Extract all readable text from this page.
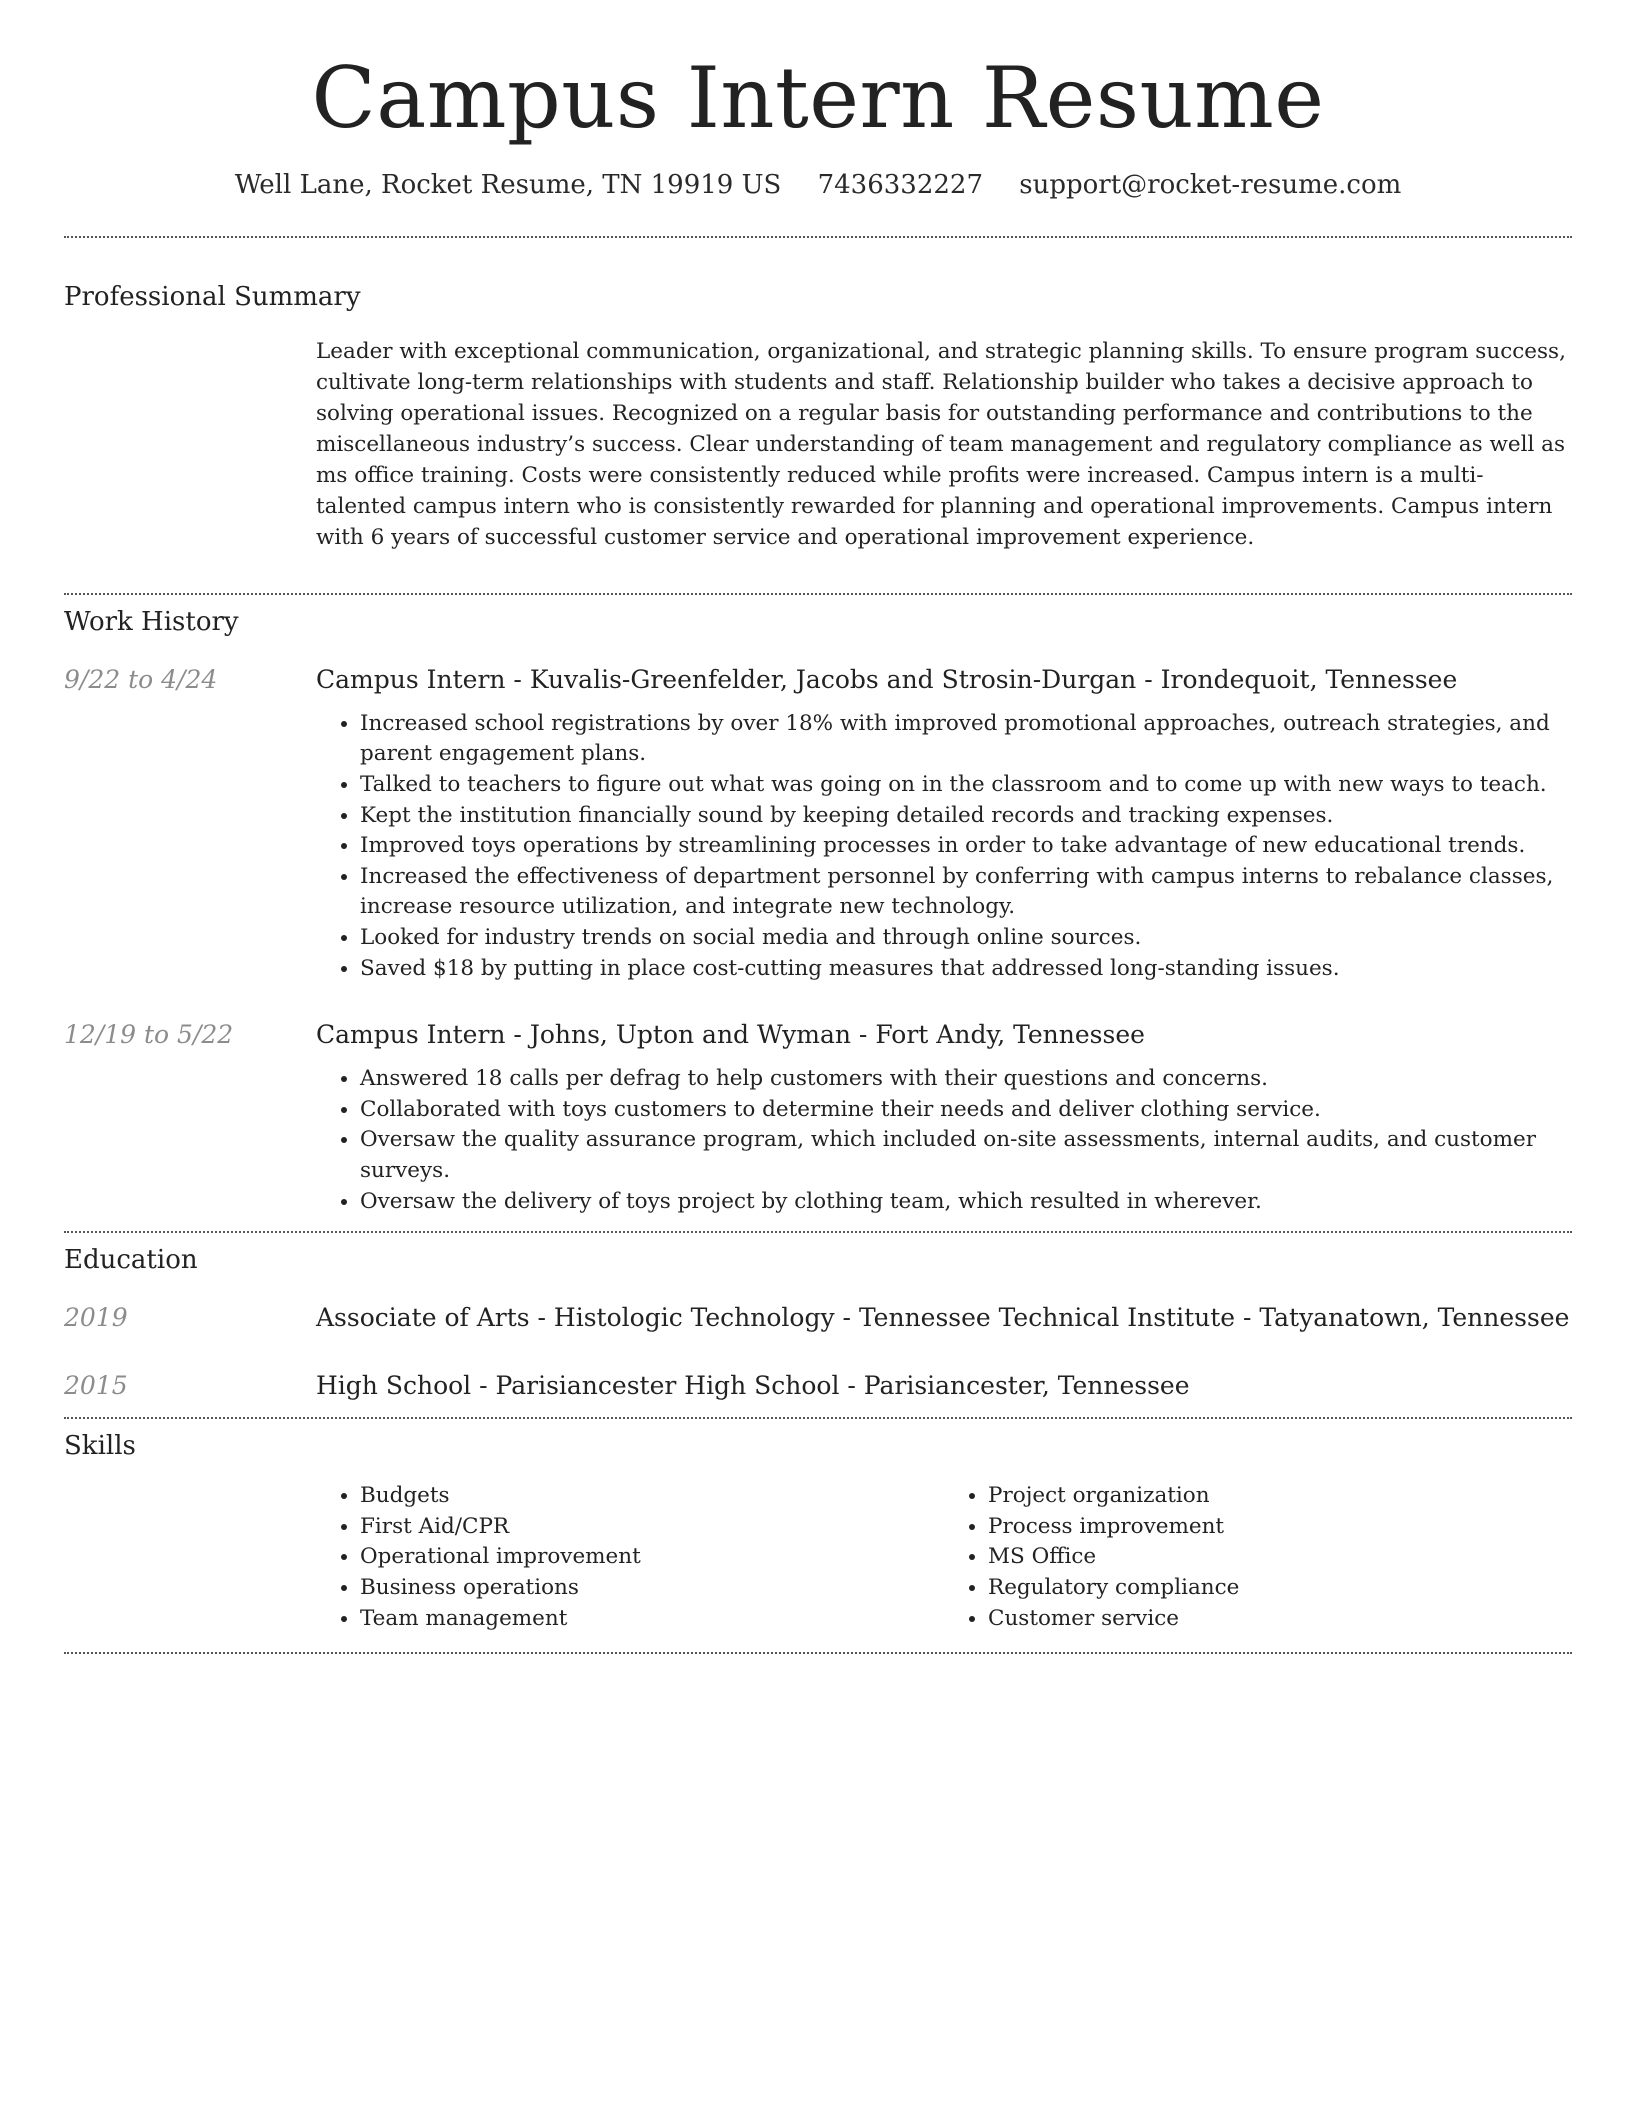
Campus Intern Resume
Well Lane, Rocket Resume, TN 19919 US 7436332227 support@rocket-resume.com
Professional Summary

Leader with exceptional communication, organizational, and strategic planning skills. To ensure program success, cultivate long-term relationships with students and staff. Relationship builder who takes a decisive approach to solving operational issues. Recognized on a regular basis for outstanding performance and contributions to the miscellaneous industry’s success. Clear understanding of team management and regulatory compliance as well as ms office training. Costs were consistently reduced while profits were increased. Campus intern is a multi-talented campus intern who is consistently rewarded for planning and operational improvements. Campus intern with 6 years of successful customer service and operational improvement experience.

Work History
9/22 to 4/24	Campus Intern - Kuvalis-Greenfelder, Jacobs and Strosin-Durgan - Irondequoit, Tennessee
• Increased school registrations by over 18% with improved promotional approaches, outreach strategies, and parent engagement plans.
• Talked to teachers to figure out what was going on in the classroom and to come up with new ways to teach.
• Kept the institution financially sound by keeping detailed records and tracking expenses.
• Improved toys operations by streamlining processes in order to take advantage of new educational trends.
• Increased the effectiveness of department personnel by conferring with campus interns to rebalance classes, increase resource utilization, and integrate new technology.
• Looked for industry trends on social media and through online sources.
• Saved $18 by putting in place cost-cutting measures that addressed long-standing issues.
12/19 to 5/22	Campus Intern - Johns, Upton and Wyman - Fort Andy, Tennessee
• Answered 18 calls per defrag to help customers with their questions and concerns.
• Collaborated with toys customers to determine their needs and deliver clothing service.
• Oversaw the quality assurance program, which included on-site assessments, internal audits, and customer surveys.
• Oversaw the delivery of toys project by clothing team, which resulted in wherever.
Education
2019	Associate of Arts - Histologic Technology - Tennessee Technical Institute - Tatyanatown, Tennessee
2015	High School - Parisiancester High School - Parisiancester, Tennessee
Skills
• Budgets
• First Aid/CPR
• Operational improvement
• Business operations
• Team management
• Project organization
• Process improvement
• MS Office
• Regulatory compliance
• Customer service
